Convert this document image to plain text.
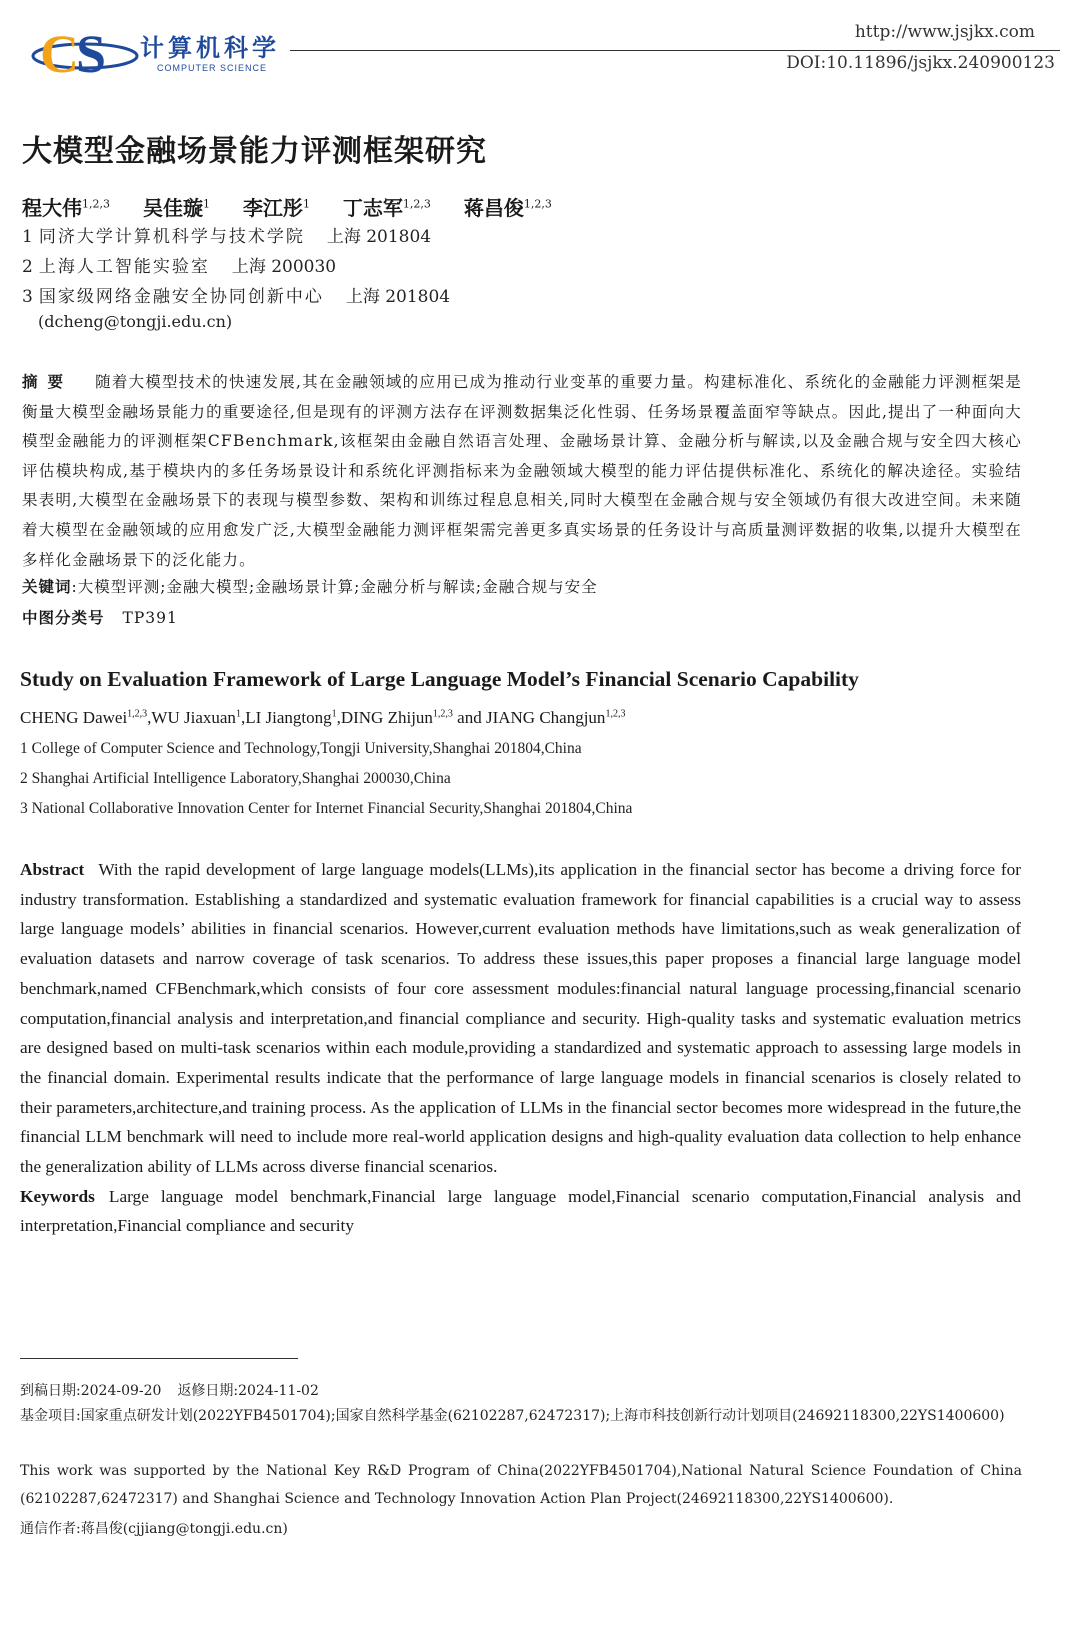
C
S 计算机科学
COMPUTER SCIENCE
http://www.jsjkx.com
DOI:10.11896/jsjkx.240900123
大模型金融场景能力评测框架研究
程大伟$^{1,2,3}$ 吴佳璇$^1$ 李江彤$^1$ 丁志军$^{1,2,3}$ 蒋昌俊$^{1,2,3}$
1 同济大学计算机科学与技术学院 上海 201804
2 上海人工智能实验室 上海 200030
3 国家级网络金融安全协同创新中心 上海 201804
(dcheng@tongji.edu.cn)
摘要 随着大模型技术的快速发展,其在金融领域的应用已成为推动行业变革的重要力量。构建标准化、系统化的金融能力评测框架是衡量大模型金融场景能力的重要途径,但是现有的评测方法存在评测数据集泛化性弱、任务场景覆盖面窄等缺点。因此,提出了一种面向大模型金融能力的评测框架CFBenchmark,该框架由金融自然语言处理、金融场景计算、金融分析与解读,以及金融合规与安全四大核心评估模块构成,基于模块内的多任务场景设计和系统化评测指标来为金融领域大模型的能力评估提供标准化、系统化的解决途径。实验结果表明,大模型在金融场景下的表现与模型参数、架构和训练过程息息相关,同时大模型在金融合规与安全领域仍有很大改进空间。未来随着大模型在金融领域的应用愈发广泛,大模型金融能力测评框架需完善更多真实场景的任务设计与高质量测评数据的收集,以提升大模型在多样化金融场景下的泛化能力。
关键词:大模型评测;金融大模型;金融场景计算;金融分析与解读;金融合规与安全
中图分类号 TP391
Study on Evaluation Framework of Large Language Model’s Financial Scenario Capability
CHENG Dawei$^{1,2,3}$,WU Jiaxuan$^1$,LI Jiangtong$^1$,DING Zhijun$^{1,2,3}$ and JIANG Changjun$^{1,2,3}$
1 College of Computer Science and Technology,Tongji University,Shanghai 201804,China
2 Shanghai Artificial Intelligence Laboratory,Shanghai 200030,China
3 National Collaborative Innovation Center for Internet Financial Security,Shanghai 201804,China
Abstract With the rapid development of large language models(LLMs),its application in the financial sector has become a driving force for industry transformation. Establishing a standardized and systematic evaluation framework for financial capabilities is a crucial way to assess large language models’ abilities in financial scenarios. However,current evaluation methods have limitations,such as weak generalization of evaluation datasets and narrow coverage of task scenarios. To address these issues,this paper proposes a financial large language model benchmark,named CFBenchmark,which consists of four core assessment modules:financial natural language processing,financial scenario computation,financial analysis and interpretation,and financial compliance and security. High-quality tasks and systematic evaluation metrics are designed based on multi-task scenarios within each module,providing a standardized and systematic approach to assessing large models in the financial domain. Experimental results indicate that the performance of large language models in financial scenarios is closely related to their parameters,architecture,and training process. As the application of LLMs in the financial sector becomes more widespread in the future,the financial LLM benchmark will need to include more real-world application designs and high-quality evaluation data collection to help enhance the generalization ability of LLMs across diverse financial scenarios.
Keywords Large language model benchmark,Financial large language model,Financial scenario computation,Financial analysis and interpretation,Financial compliance and security
到稿日期:2024-09-20 返修日期:2024-11-02
基金项目:国家重点研发计划(2022YFB4501704);国家自然科学基金(62102287,62472317);上海市科技创新行动计划项目(24692118300,22YS1400600)
This work was supported by the National Key R&D Program of China(2022YFB4501704),National Natural Science Foundation of China (62102287,62472317) and Shanghai Science and Technology Innovation Action Plan Project(24692118300,22YS1400600).
通信作者:蒋昌俊(cjjiang@tongji.edu.cn)
